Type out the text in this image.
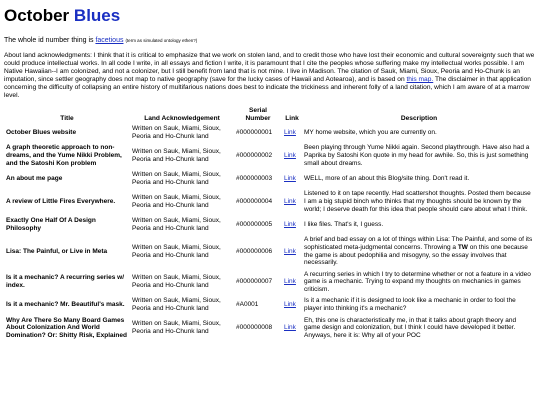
October Blues

The whole id number thing is facetious (term as simulated ontology ethen?)

About land acknowledgments: I think that it is critical to emphasize that we work on stolen land, and to credit those who have lost their economic and cultural sovereignty such that we could produce intellectual works. In all code I write, in all essays and fiction I write, it is paramount that I cite the peoples whose suffering make my intellectual works possible. I am Native Hawaiian--I am colonized, and not a colonizer, but I still benefit from land that is not mine. I live in Madison. The citation of Sauk, Miami, Sioux, Peoria and Ho-Chunk is an imputation, since settler geography does not map to native geography (save for the lucky cases of Hawaii and Aotearoa), and is based on this map. The disclaimer in that application concerning the difficulty of collapsing an entire history of multifarious nations does best to indicate the trickiness and inherent folly of a land citation, which I am aware of at a marrow level.

Title	Land Acknowledgement	Serial Number	Link	Description
October Blues website	Written on Sauk, Miami, Sioux, Peoria and Ho-Chunk land	#000000001	Link	MY home website, which you are currently on.
A graph theoretic approach to non-dreams, and the Yume Nikki Problem, and the Satoshi Kon problem	Written on Sauk, Miami, Sioux, Peoria and Ho-Chunk land	#000000002	Link	Been playing through Yume Nikki again. Second playthrough. Have also had a Paprika by Satoshi Kon quote in my head for awhile. So, this is just something small about dreams.
An about me page	Written on Sauk, Miami, Sioux, Peoria and Ho-Chunk land	#000000003	Link	WELL, more of an about this Blog/site thing. Don't read it.
A review of Little Fires Everywhere.	Written on Sauk, Miami, Sioux, Peoria and Ho-Chunk land	#000000004	Link	Listened to it on tape recently. Had scattershot thoughts. Posted them because I am a big stupid binch who thinks that my thoughts should be known by the world; I deserve death for this idea that people should care about what I think.
Exactly One Half Of A Design Philosophy	Written on Sauk, Miami, Sioux, Peoria and Ho-Chunk land	#000000005	Link	I like files. That's it, I guess.
Lisa: The Painful, or Live in Meta	Written on Sauk, Miami, Sioux, Peoria and Ho-Chunk land	#000000006	Link	A brief and bad essay on a lot of things within Lisa: The Painful, and some of its sophisticated meta-judgmental concerns. Throwing a TW on this one because the game is about pedophilia and misogyny, so the essay involves that necessarily.
Is it a mechanic? A recurring series w/ index.	Written on Sauk, Miami, Sioux, Peoria and Ho-Chunk land	#000000007	Link	A recurring series in which I try to determine whether or not a feature in a video game is a mechanic. Trying to expand my thoughts on mechanics in games criticism.
Is it a mechanic? Mr. Beautiful's mask.	Written on Sauk, Miami, Sioux, Peoria and Ho-Chunk land	#A0001	Link	Is it a mechanic if it is designed to look like a mechanic in order to fool the player into thinking it's a mechanic?
Why Are There So Many Board Games About Colonization And World Domination? Or: Shitty Risk, Explained	Written on Sauk, Miami, Sioux, Peoria and Ho-Chunk land	#000000008	Link	Eh, this one is characteristically me, in that it talks about graph theory and game design and colonization, but I think I could have developed it better. Anyways, here it is: Why all of your POC
